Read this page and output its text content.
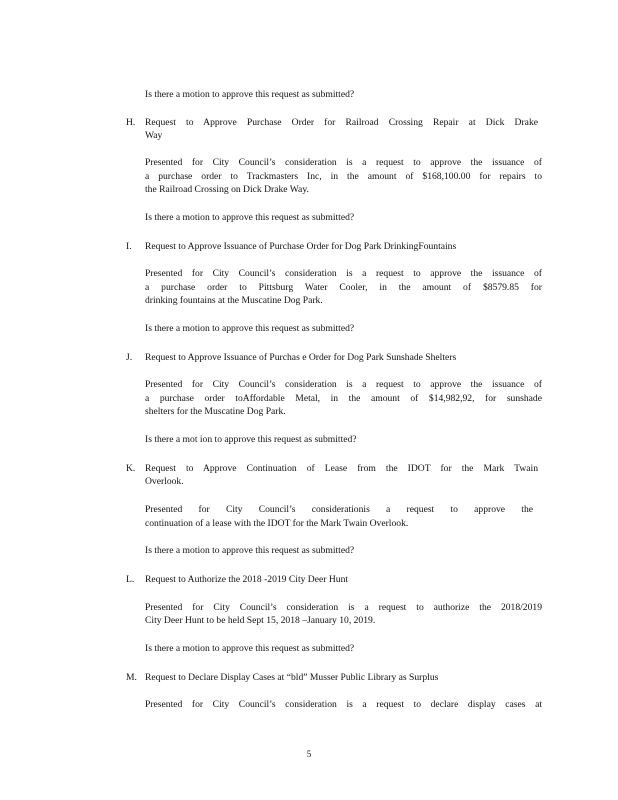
Is there a motion to approve this request as submitted?

H. Request to Approve Purchase Order for Railroad Crossing Repair at Dick Drake

Way

Presented for City Council’s consideration is a request to approve the issuance of

a purchase order to Trackmasters Inc, in the amount of $168,100.00 for repairs to

the Railroad Crossing on Dick Drake Way.

Is there a motion to approve this request as submitted?

I. Request to Approve Issuance of Purchase Order for Dog Park DrinkingFountains

Presented for City Council’s consideration is a request to approve the issuance of

a purchase order to Pittsburg Water Cooler, in the amount of $8579.85 for

drinking fountains at the Muscatine Dog Park.

Is there a motion to approve this request as submitted?

J. Request to Approve Issuance of Purchas e Order for Dog Park Sunshade Shelters

Presented for City Council’s consideration is a request to approve the issuance of

a purchase order toAffordable Metal, in the amount of $14,982,92, for sunshade

shelters for the Muscatine Dog Park.

Is there a mot ion to approve this request as submitted?

K. Request to Approve Continuation of Lease from the IDOT for the Mark Twain

Overlook.

Presented for City Council’s considerationis a request to approve the

continuation of a lease with the IDOT for the Mark Twain Overlook.

Is there a motion to approve this request as submitted?

L. Request to Authorize the 2018 -2019 City Deer Hunt

Presented for City Council’s consideration is a request to authorize the 2018/2019

City Deer Hunt to be held Sept 15, 2018 –January 10, 2019.

Is there a motion to approve this request as submitted?

M. Request to Declare Display Cases at “bld” Musser Public Library as Surplus

Presented for City Council’s consideration is a request to declare display cases at

5
